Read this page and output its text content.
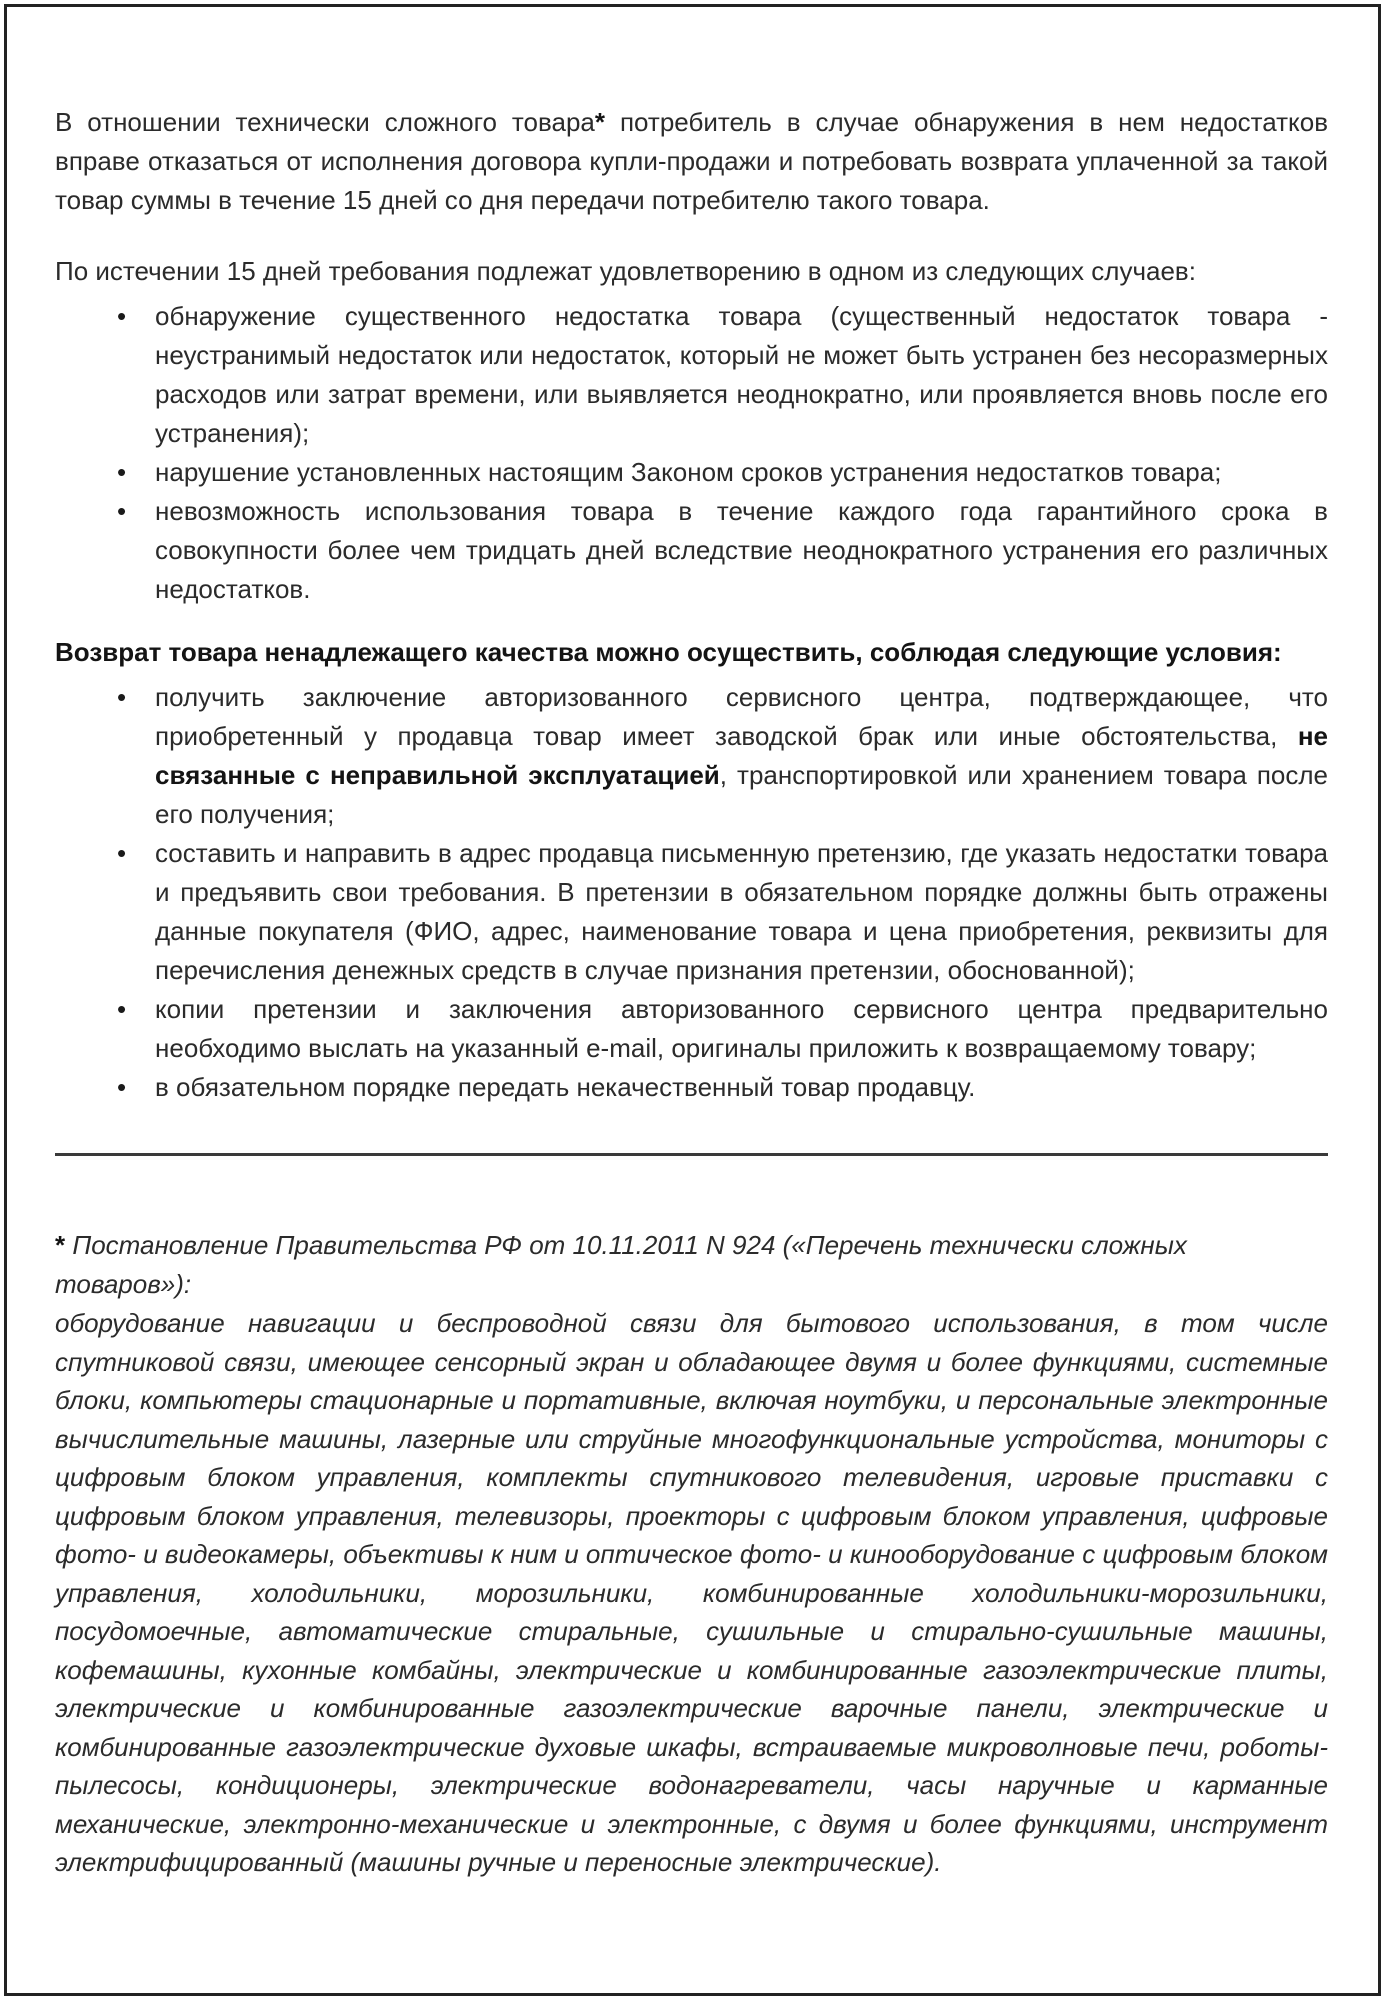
В отношении технически сложного товара* потребитель в случае обнаружения в нем недостатков вправе отказаться от исполнения договора купли-продажи и потребовать возврата уплаченной за такой товар суммы в течение 15 дней со дня передачи потребителю такого товара.

По истечении 15 дней требования подлежат удовлетворению в одном из следующих случаев:

• обнаружение существенного недостатка товара (существенный недостаток товара - неустранимый недостаток или недостаток, который не может быть устранен без несоразмерных расходов или затрат времени, или выявляется неоднократно, или проявляется вновь после его устранения);
• нарушение установленных настоящим Законом сроков устранения недостатков товара;
• невозможность использования товара в течение каждого года гарантийного срока в совокупности более чем тридцать дней вследствие неоднократного устранения его различных недостатков.

Возврат товара ненадлежащего качества можно осуществить, соблюдая следующие условия:

• получить заключение авторизованного сервисного центра, подтверждающее, что приобретенный у продавца товар имеет заводской брак или иные обстоятельства, не связанные с неправильной эксплуатацией, транспортировкой или хранением товара после его получения;
• составить и направить в адрес продавца письменную претензию, где указать недостатки товара и предъявить свои требования. В претензии в обязательном порядке должны быть отражены данные покупателя (ФИО, адрес, наименование товара и цена приобретения, реквизиты для перечисления денежных средств в случае признания претензии, обоснованной);
• копии претензии и заключения авторизованного сервисного центра предварительно необходимо выслать на указанный e-mail, оригиналы приложить к возвращаемому товару;
• в обязательном порядке передать некачественный товар продавцу.

* Постановление Правительства РФ от 10.11.2011 N 924 («Перечень технически сложных товаров»):

оборудование навигации и беспроводной связи для бытового использования, в том числе спутниковой связи, имеющее сенсорный экран и обладающее двумя и более функциями, системные блоки, компьютеры стационарные и портативные, включая ноутбуки, и персональные электронные вычислительные машины, лазерные или струйные многофункциональные устройства, мониторы с цифровым блоком управления, комплекты спутникового телевидения, игровые приставки с цифровым блоком управления, телевизоры, проекторы с цифровым блоком управления, цифровые фото- и видеокамеры, объективы к ним и оптическое фото- и кинооборудование с цифровым блоком управления, холодильники, морозильники, комбинированные холодильники-морозильники, посудомоечные, автоматические стиральные, сушильные и стирально-сушильные машины, кофемашины, кухонные комбайны, электрические и комбинированные газоэлектрические плиты, электрические и комбинированные газоэлектрические варочные панели, электрические и комбинированные газоэлектрические духовые шкафы, встраиваемые микроволновые печи, роботы-пылесосы, кондиционеры, электрические водонагреватели, часы наручные и карманные механические, электронно-механические и электронные, с двумя и более функциями, инструмент электрифицированный (машины ручные и переносные электрические).
